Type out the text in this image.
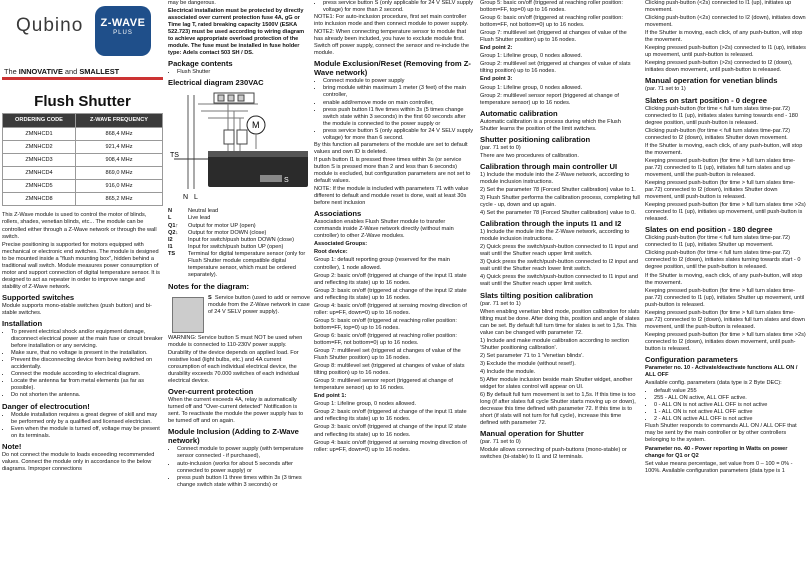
Qubino	Z-WAVE
PLUS
The INNOVATIVE and SMALLEST
Flush Shutter
ORDERING CODE	Z-WAVE FREQUENCY
ZMNHCD1	868,4 MHz
ZMNHCD2	921,4 MHz
ZMNHCD3	908,4 MHz
ZMNHCD4	869,0 MHz
ZMNHCD5	916,0 MHz
ZMNHCD8	865,2 MHz

This Z-Wave module is used to control the motor of blinds, rollers, shades, venetian blinds, etc... The module can be controlled either through a Z-Wave network or through the wall switch.

Precise positioning is supported for motors equipped with mechanical or electronic end switches. The module is designed to be mounted inside a "flush mounting box", hidden behind a traditional wall switch. Module measures power consumption of motor and support connection of digital temperature sensor. It is designed to act as repeater in order to improve range and stability of Z-Wave network.

Supported switches

Module supports mono-stable switches (push button) and bi-stable switches.

Installation
• To prevent electrical shock and/or equipment damage, disconnect electrical power at the main fuse or circuit breaker before installation or any servicing.
• Make sure, that no voltage is present in the installation.
• Prevent the disconnecting device from being switched on accidentally.
• Connect the module according to electrical diagram.
• Locate the antenna far from metal elements (as far as possible).
• Do not shorten the antenna.
Danger of electrocution!
• Module installation requires a great degree of skill and may be performed only by a qualified and licensed electrician.
• Even when the module is turned off, voltage may be present on its terminals.
Note!

Do not connect the module to loads exceeding recommended values. Connect the module only in accordance to the below diagrams. Improper connections

may be dangerous.

Electrical installation must be protected by directly associated over current protection fuse 4A, gG or Time lag T, rated breaking capacity 1500V (ESKA 522.723) must be used according to wiring diagram to achieve appropriate overload protection of the module. The fuse must be installed in fuse holder type: Adels contact 503 SH / DS.

Package contents
• Flush Shutter
Electrical diagram 230VAC
N L
M
TS
S
N	Neutral lead
L	Live lead
Q1↑	Output for motor UP (open)
Q2↓	Output for motor DOWN (close)
I2	Input for switch/push button DOWN (close)
I1	Input for switch/push button UP (open)
TS	Terminal for digital temperature sensor (only for Flush Shutter module compatible digital temperature sensor, which must be ordered separately).
Notes for the diagram:
S Service button (used to add or remove module from the Z-Wave network in case of 24 V SELV power supply).

WARNING: Service button S must NOT be used when module is connected to 110-230V power supply.

Durability of the device depends on applied load. For resistive load (light bulbs, etc.) and 4A current consumption of each individual electrical device, the durability exceeds 70.000 switches of each individual electrical device.

Over-current protection

When the current exceeds 4A, relay is automatically turned off and "Over-current detected" Notification is sent. To reactivate the module the power supply has to be turned off and on again.

Module Inclusion (Adding to Z-Wave network)
• Connect module to power supply (with temperature sensor connected - if purchased),
• auto-inclusion (works for about 5 seconds after connected to power supply) or
• press push button I1 three times within 3s (3 times change switch state within 3 seconds) or
• press service button S (only applicable for 24 V SELV supply voltage) for more than 2 second.

NOTE1: For auto-inclusion procedure, first set main controller into inclusion mode and then connect module to power supply.

NOTE2: When connecting temperature sensor to module that has already been included, you have to exclude module first. Switch off power supply, connect the sensor and re-include the module.

Module Exclusion/Reset (Removing from Z-Wave network)
• Connect module to power supply
• bring module within maximum 1 meter (3 feet) of the main controller,
• enable add/remove mode on main controller,
• press push button I1 five times within 3s (5 times change switch state within 3 seconds) in the first 60 seconds after the module is connected to the power supply or
• press service button S (only applicable for 24 V SELV supply voltage) for more than 6 second.

By this function all parameters of the module are set to default values and own ID is deleted.

If push button I1 is pressed three times within 3s (or service button S is pressed more than 2 and less than 6 seconds) module is excluded, but configuration parameters are not set to default values.

NOTE: If the module is included with parameters 71 with value different to default and module reset is done, wait at least 30s before next inclusion

Associations

Association enables Flush Shutter module to transfer commands inside Z-Wave network directly (without main controller) to other Z-Wave modules.

Associated Groups:

Root device:

Group 1: default reporting group (reserved for the main controller), 1 node allowed.

Group 2: basic on/off (triggered at change of the input I1 state and reflecting its state) up to 16 nodes.

Group 3: basic on/off (triggered at change of the input I2 state and reflecting its state) up to 16 nodes.

Group 4: basic on/off (triggered at sensing moving direction of roller: up=FF, down=0) up to 16 nodes.

Group 5: basic on/off (triggered at reaching roller position: bottom=FF, top=0) up to 16 nodes.

Group 6: basic on/off (triggered at reaching roller position: bottom=FF, not bottom=0) up to 16 nodes.

Group 7: multilevel set (triggered at changes of value of the Flush Shutter position) up to 16 nodes.

Group 8: multilevel set (triggered at changes of value of slats tilting position) up to 16 nodes.

Group 9: multilevel sensor report (triggered at change of temperature sensor) up to 16 nodes.

End point 1:

Group 1: Lifeline group, 0 nodes allowed.

Group 2: basic on/off (triggered at change of the input I1 state and reflecting its state) up to 16 nodes.

Group 3: basic on/off (triggered at change of the input I2 state and reflecting its state) up to 16 nodes.

Group 4: basic on/off (triggered at sensing moving direction of roller: up=FF, down=0) up to 16 nodes.

Group 5: basic on/off (triggered at reaching roller position: bottom=FF, top=0) up to 16 nodes.

Group 6: basic on/off (triggered at reaching roller position: bottom=FF, not bottom=0) up to 16 nodes.

Group 7: multilevel set (triggered at changes of value of the Flush Shutter position) up to 16 nodes.

End point 2:

Group 1: Lifeline group, 0 nodes allowed.

Group 2: multilevel set (triggered at changes of value of slats tilting position) up to 16 nodes.

End point 3:

Group 1: Lifeline group, 0 nodes allowed.

Group 2: multilevel sensor report (triggered at change of temperature sensor) up to 16 nodes.

Automatic calibration

Automatic calibration is a process during which the Flush Shutter learns the position of the limit switches.

Shutter positioning calibration

(par. 71 set to 0)

There are two procedures of calibration.

Calibration through main controller UI

1) Include the module into the Z-Wave network, according to module inclusion instructions.

2) Set the parameter 78 (Forced Shutter calibration) value to 1.

3) Flush Shutter performs the calibration process, completing full cycle - up, down and up again.

4) Set the parameter 78 (Forced Shutter calibration) value to 0.

Calibration through the inputs I1 and I2

1) Include the module into the Z-Wave network, according to module inclusion instructions.

2) Quick press the switch/push-button connected to I1 input and wait until the Shutter reach upper limit switch.

3) Quick press the switch/push-button connected to I2 input and wait until the Shutter reach lower limit switch.

4) Quick press the switch/push-button connected to I1 input and wait until the Shutter reach upper limit switch.

Slats tilting position calibration

(par. 71 set to 1)

When enabling venetian blind mode, position calibration for slats tilting must be done. After doing this, position and angle of slates can be set. By default full turn time for slates is set to 1,5s. This value can be changed with parameter 72.

1) Include and make module calibration according to section 'Shutter positioning calibration'.

2) Set parameter 71 to 1 'Venetian blinds'.

3) Exclude the module (without reset!).

4) Include the module.

5) After module inclusion beside main Shutter widget, another widget for slates control will appear on UI.

6) By default full turn movement is set to 1,5s. If this time is too long (if after slates full cycle Shutter starts moving up or down), decrease this time defined with parameter 72. If this time is to short (if slats will not turn for full cycle), increase this time defined with parameter 72.

Manual operation for Shutter

(par. 71 set to 0)

Module allows connecting of push-buttons (mono-stable) or switches (bi-stable) to I1 and I2 terminals.

Clicking push-button (<2s) connected to I1 (up), initiates up movement.

Clicking push-button (<2s) connected to I2 (down), initiates down movement.

If the Shutter is moving, each click, of any push-button, will stop the movement.

Keeping pressed push-button (>2s) connected to I1 (up), initiates up movement, until push-button is released.

Keeping pressed push-button (>2s) connected to I2 (down), initiates down movement, until push-button is released.

Manual operation for venetian blinds

(par. 71 set to 1)

Slates on start position - 0 degree

Clicking push-button (for time < full turn slates time-par.72) connected to I1 (up), initiates slates turning towards end - 180 degree position, until push-button is released.

Clicking push-button (for time < full turn slates time-par.72) connected to I2 (down), initiates Shutter down movement.

If the Shutter is moving, each click, of any push-button, will stop the movement.

Keeping pressed push-button (for time > full turn slates time-par.72) connected to I1 (up), initiates full turn slates and up movement, until the push-button is released.

Keeping pressed push-button (for time > full turn slates time-par.72) connected to I2 (down), initiates Shutter down movement, until push-button is released.

Keeping pressed push-button (for time > full turn slates time >2s) connected to I1 (up), initiates up movement, until push-button is released.

Slates on end position - 180 degree

Clicking push-button (for time < full turn slates time-par.72) connected to I1 (up), initiates Shutter up movement.

Clicking push-button (for time < full turn slates time-par.72) connected to I2 (down), initiates slates turning towards start - 0 degree position, until the push-button is released.

If the Shutter is moving, each click, of any push-button, will stop the movement.

Keeping pressed push-button (for time > full turn slates time-par.72) connected to I1 (up), initiates Shutter up movement, until push-button is released.

Keeping pressed push-button (for time > full turn slates time-par.72) connected to I2 (down), initiates full turn slates and down movement, until the push-button is released.

Keeping pressed push-button (for time > full turn slates time >2s) connected to I2 (down), initiates down movement, until push-button is released.

Configuration parameters

Parameter no. 10 - Activate/deactivate functions ALL ON / ALL OFF

Available config. parameters (data type is 2 Byte DEC):

• default value 255
• 255 - ALL ON active, ALL OFF active.
• 0 - ALL ON is not active ALL OFF is not active
• 1 - ALL ON is not active ALL OFF active
• 2 - ALL ON active ALL OFF is not active

Flush Shutter responds to commands ALL ON / ALL OFF that may be sent by the main controller or by other controllers belonging to the system.

Parameter no. 40 - Power reporting in Watts on power change for Q1 or Q2

Set value means percentage, set value from 0 – 100 = 0% - 100%. Available configuration parameters (data type is 1
